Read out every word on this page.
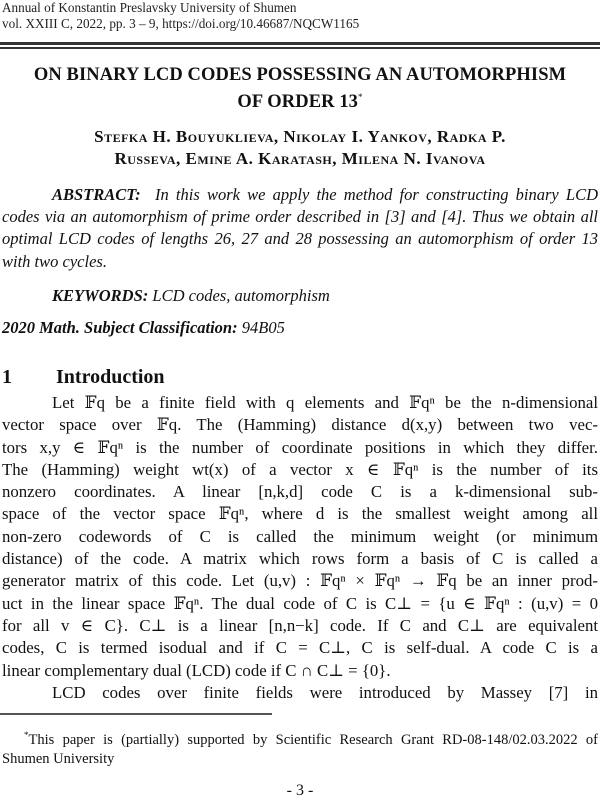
Annual of Konstantin Preslavsky University of Shumen
vol. XXIII C, 2022, pp. 3 – 9, https://doi.org/10.46687/NQCW1165
ON BINARY LCD CODES POSSESSING AN AUTOMORPHISM
OF ORDER 13*
Stefka H. Bouyuklieva, Nikolay I. Yankov, Radka P.
Russeva, Emine A. Karatash, Milena N. Ivanova
ABSTRACT: In this work we apply the method for constructing binary LCD codes via an automorphism of prime order described in [3] and [4]. Thus we obtain all optimal LCD codes of lengths 26, 27 and 28 possessing an automorphism of order 13 with two cycles.
KEYWORDS: LCD codes, automorphism
2020 Math. Subject Classification: 94B05
1 Introduction
Let 𝔽q be a finite field with q elements and 𝔽qⁿ be the n-dimensional
vector space over 𝔽q. The (Hamming) distance d(x,y) between two vec-
tors x,y ∈ 𝔽qⁿ is the number of coordinate positions in which they differ.
The (Hamming) weight wt(x) of a vector x ∈ 𝔽qⁿ is the number of its
nonzero coordinates. A linear [n,k,d] code C is a k-dimensional sub-
space of the vector space 𝔽qⁿ, where d is the smallest weight among all
non-zero codewords of C is called the minimum weight (or minimum
distance) of the code. A matrix which rows form a basis of C is called a
generator matrix of this code. Let (u,v) : 𝔽qⁿ × 𝔽qⁿ → 𝔽q be an inner prod-
uct in the linear space 𝔽qⁿ. The dual code of C is C⊥ = {u ∈ 𝔽qⁿ : (u,v) = 0
for all v ∈ C}. C⊥ is a linear [n,n−k] code. If C and C⊥ are equivalent
codes, C is termed isodual and if C = C⊥, C is self-dual. A code C is a
linear complementary dual (LCD) code if C ∩ C⊥ = {0}.
LCD codes over finite fields were introduced by Massey [7] in
*This paper is (partially) supported by Scientific Research Grant RD-08-148/02.03.2022 of Shumen University
- 3 -
